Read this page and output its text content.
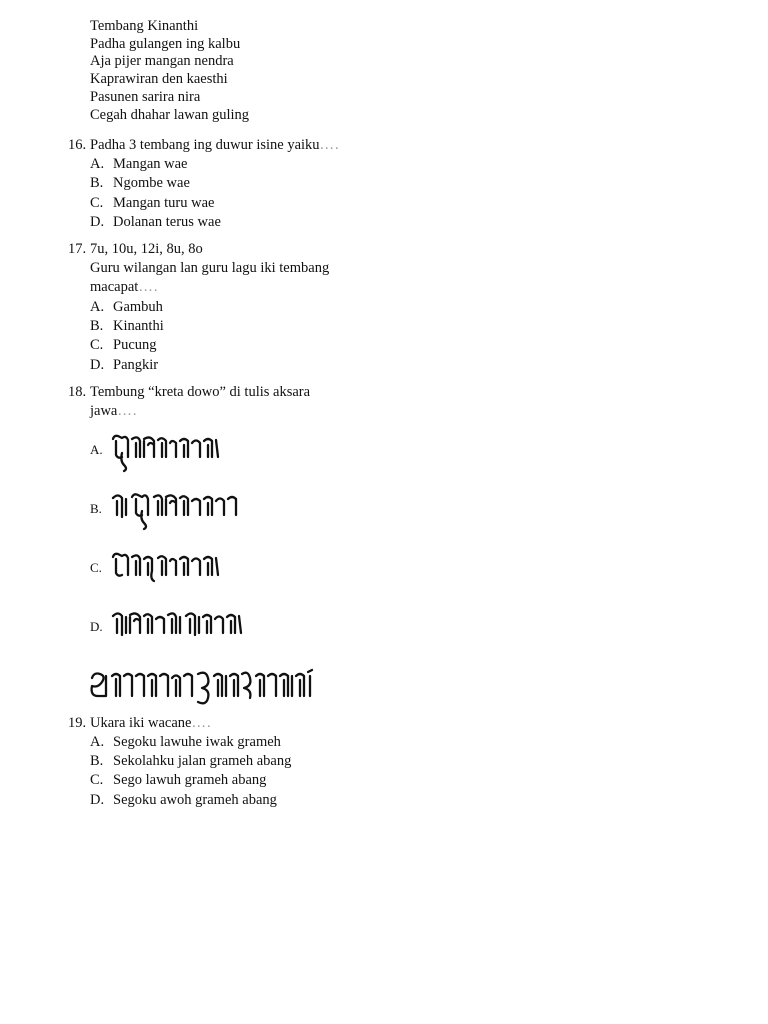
Tembang Kinanthi
Padha gulangen ing kalbu
Aja pijer mangan nendra
Kaprawiran den kaesthi
Pasunen sarira nira
Cegah dhahar lawan guling
16. Padha 3 tembang ing duwur isine yaiku….
A. Mangan wae
B. Ngombe wae
C. Mangan turu wae
D. Dolanan terus wae
17. 7u, 10u, 12i, 8u, 8o
Guru wilangan lan guru lagu iki tembang
macapat….
A. Gambuh
B. Kinanthi
C. Pucung
D. Pangkir
18. Tembung “kreta dowo” di tulis aksara
jawa….
A.
B.
C.
D.
19. Ukara iki wacane….
A. Segoku lawuhe iwak grameh
B. Sekolahku jalan grameh abang
C. Sego lawuh grameh abang
D. Segoku awoh grameh abang
